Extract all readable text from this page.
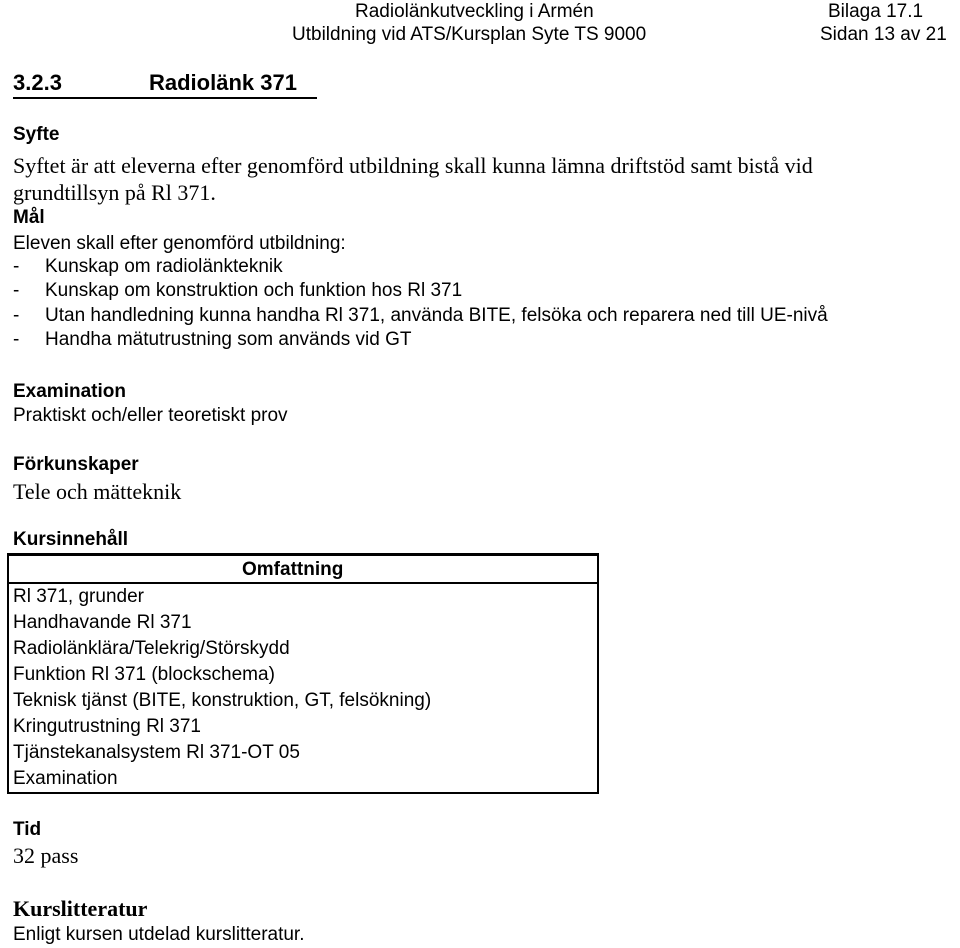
Radiolänkutveckling i Armén	Bilaga 17.1
Utbildning vid ATS/Kursplan Syte TS 9000	Sidan 13 av 21
3.2.3	Radiolänk 371
Syfte
Syftet är att eleverna efter genomförd utbildning skall kunna lämna driftstöd samt bistå vid
grundtillsyn på Rl 371.
Mål
Eleven skall efter genomförd utbildning:
- Kunskap om radiolänkteknik
- Kunskap om konstruktion och funktion hos Rl 371
- Utan handledning kunna handha Rl 371, använda BITE, felsöka och reparera ned till UE-nivå
- Handha mätutrustning som används vid GT
Examination
Praktiskt och/eller teoretiskt prov
Förkunskaper
Tele och mätteknik
Kursinnehåll
Omfattning
Rl 371, grunder
Handhavande Rl 371
Radiolänklära/Telekrig/Störskydd
Funktion Rl 371 (blockschema)
Teknisk tjänst (BITE, konstruktion, GT, felsökning)
Kringutrustning Rl 371
Tjänstekanalsystem Rl 371-OT 05
Examination
Tid
32 pass
Kurslitteratur
Enligt kursen utdelad kurslitteratur.
